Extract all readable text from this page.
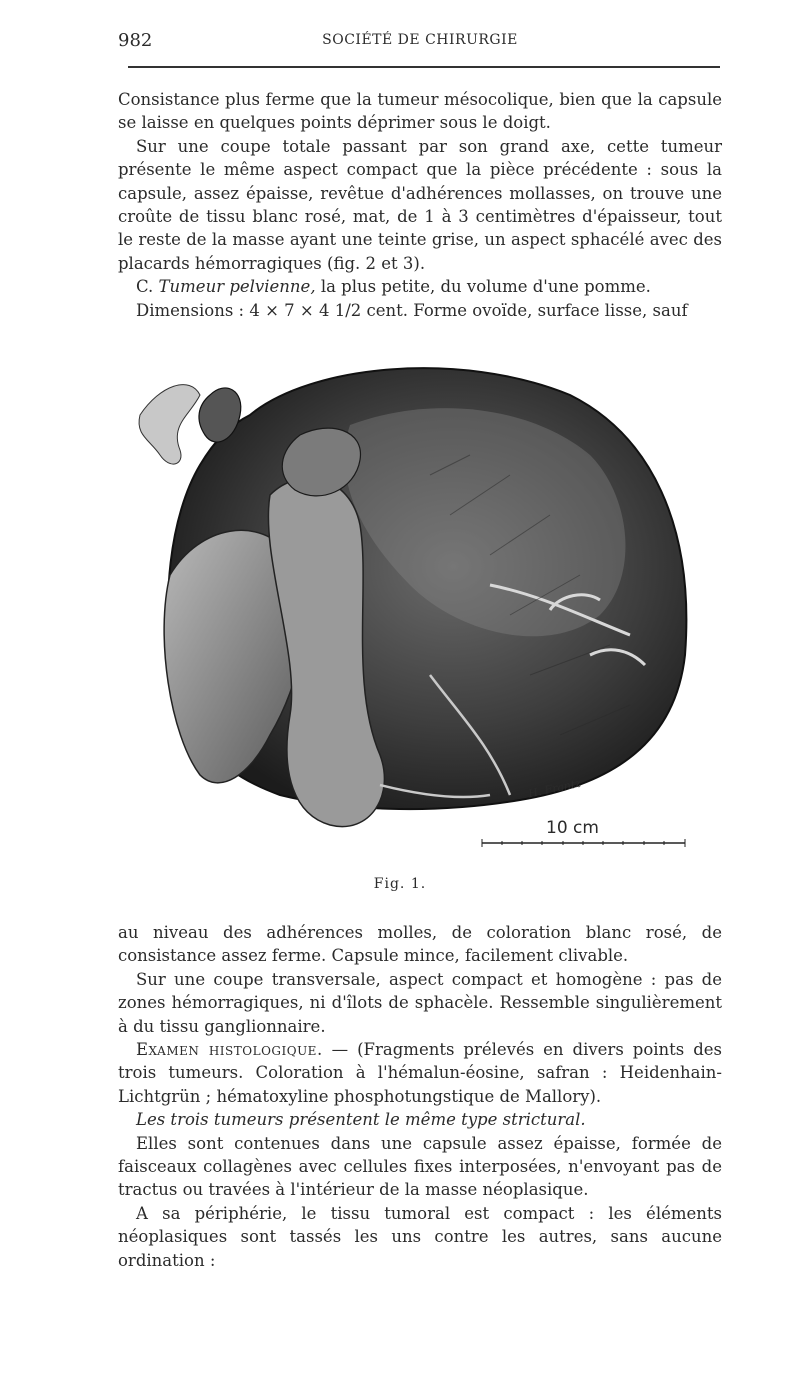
982	SOCIÉTÉ DE CHIRURGIE

Consistance plus ferme que la tumeur mésocolique, bien que la capsule se laisse en quelques points déprimer sous le doigt.

Sur une coupe totale passant par son grand axe, cette tumeur présente le même aspect compact que la pièce précédente : sous la capsule, assez épaisse, revêtue d'adhérences mollasses, on trouve une croûte de tissu blanc rosé, mat, de 1 à 3 centimètres d'épaisseur, tout le reste de la masse ayant une teinte grise, un aspect sphacélé avec des placards hémorragiques (fig. 2 et 3).

C. Tumeur pelvienne, la plus petite, du volume d'une pomme.

Dimensions : 4 × 7 × 4 1/2 cent. Forme ovoïde, surface lisse, sauf

H. Frantz
10 cm
Fig. 1.

au niveau des adhérences molles, de coloration blanc rosé, de consistance assez ferme. Capsule mince, facilement clivable.

Sur une coupe transversale, aspect compact et homogène : pas de zones hémorragiques, ni d'îlots de sphacèle. Ressemble singulièrement à du tissu ganglionnaire.

Examen histologique. — (Fragments prélevés en divers points des trois tumeurs. Coloration à l'hémalun-éosine, safran : Heidenhain-Lichtgrün ; hématoxyline phosphotungstique de Mallory).

Les trois tumeurs présentent le même type strictural.

Elles sont contenues dans une capsule assez épaisse, formée de faisceaux collagènes avec cellules fixes interposées, n'envoyant pas de tractus ou travées à l'intérieur de la masse néoplasique.

A sa périphérie, le tissu tumoral est compact : les éléments néoplasiques sont tassés les uns contre les autres, sans aucune ordination :
